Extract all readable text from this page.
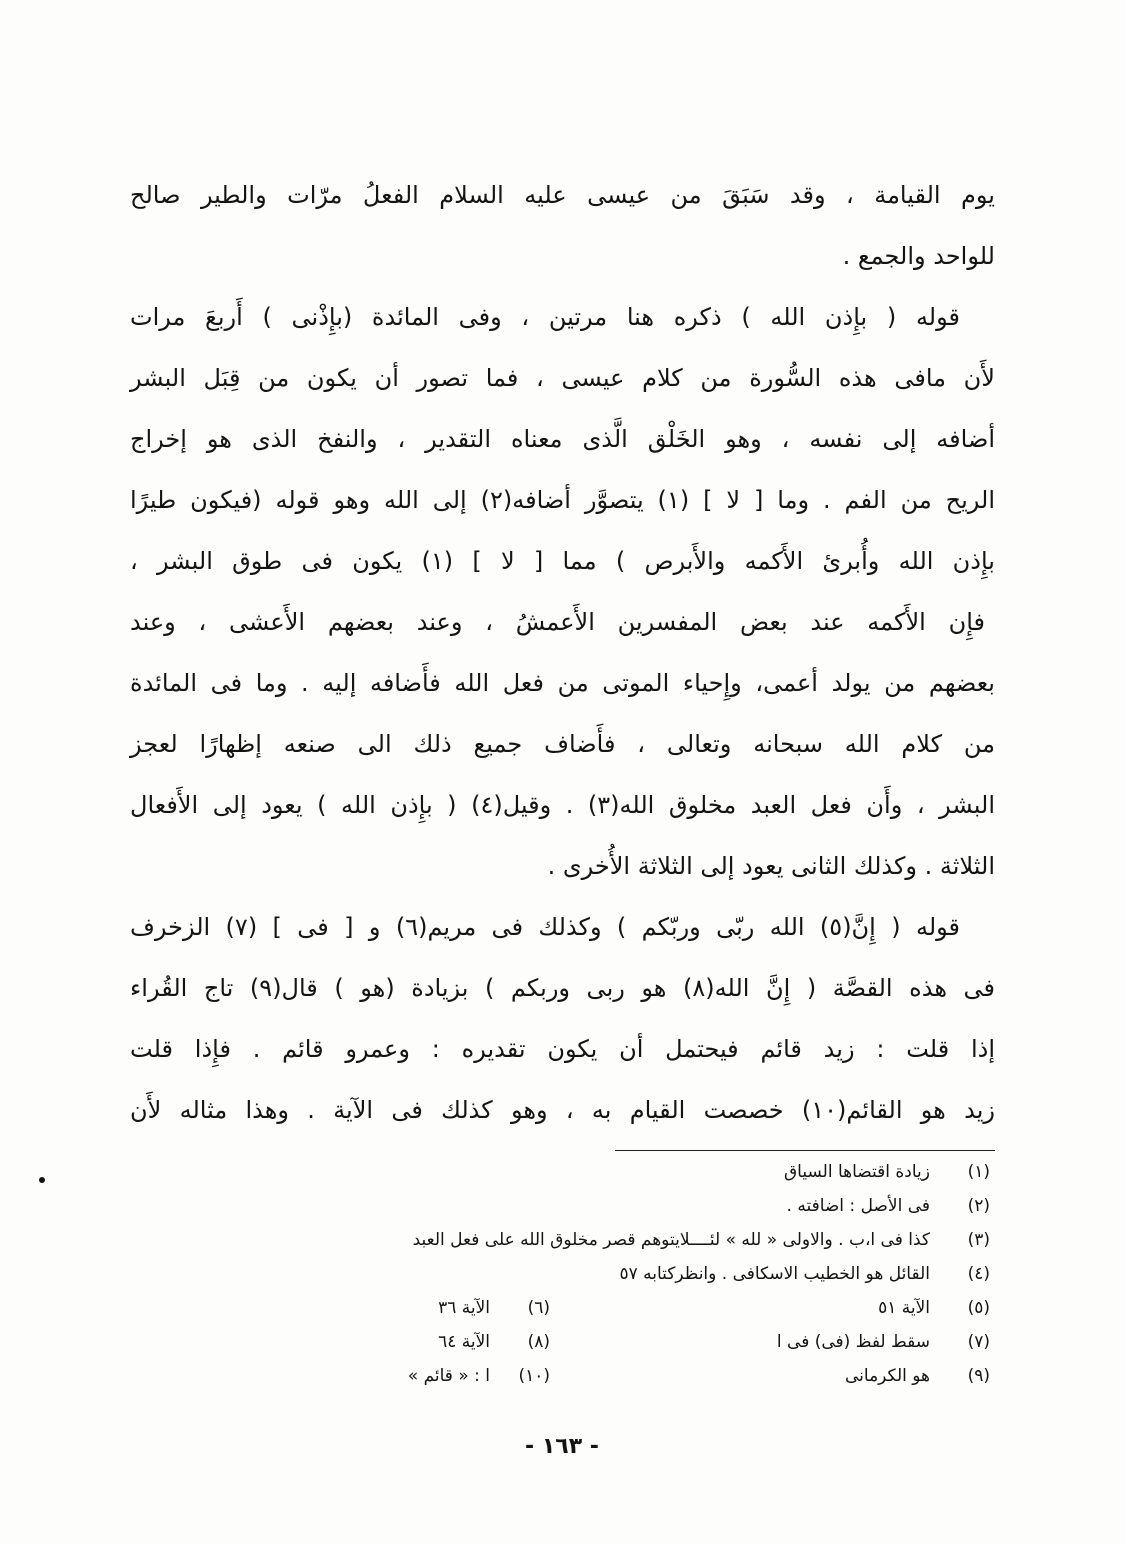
يوم القيامة ، وقد سَبَقَ من عيسى عليه السلام الفعلُ مرّات والطير صالح
للواحد والجمع .
قوله ( بإِذن الله ) ذكره هنا مرتين ، وفى المائدة (بإِذْنى ) أَربعَ مرات
لأَن مافى هذه السُّورة من كلام عيسى ، فما تصور أن يكون من قِبَل البشر
أضافه إلى نفسه ، وهو الخَلْق الَّذى معناه التقدير ، والنفخ الذى هو إخراج
الريح من الفم . وما [ لا ] (١) يتصوَّر أضافه(٢) إلى الله وهو قوله (فيكون طيرًا
بإِذن الله وأُبرئ الأَكمه والأَبرص ) مما [ لا ] (١) يكون فى طوق البشر ،
فإِن الأَكمه عند بعض المفسرين الأَعمشُ ، وعند بعضهم الأَعشى ، وعند
بعضهم من يولد أعمى، وإِحياء الموتى من فعل الله فأَضافه إليه . وما فى المائدة
من كلام الله سبحانه وتعالى ، فأَضاف جميع ذلك الى صنعه إظهارًا لعجز
البشر ، وأَن فعل العبد مخلوق الله(٣) . وقيل(٤) ( بإِذن الله ) يعود إلى الأَفعال
الثلاثة . وكذلك الثانى يعود إلى الثلاثة الأُخرى .
قوله ( إِنَّ(٥) الله ربّى وربّكم ) وكذلك فى مريم(٦) و [ فى ] (٧) الزخرف
فى هذه القصَّة ( إِنَّ الله(٨) هو ربى وربكم ) بزيادة (هو ) قال(٩) تاج القُراء
إذا قلت : زيد قائم فيحتمل أن يكون تقديره : وعمرو قائم . فإِذا قلت
زيد هو القائم(١٠) خصصت القيام به ، وهو كذلك فى الآية . وهذا مثاله لأَن
(١)
زيادة اقتضاها السياق
(٢)
فى الأصل : اضافته .
(٣)
كذا فى ا،ب . والاولى « لله » لئــــلايتوهم قصر مخلوق الله على فعل العبد
(٤)
القائل هو الخطيب الاسكافى . وانظركتابه ٥٧
(٥)
الآية ٥١
(٦)
الآية ٣٦
(٧)
سقط لفظ (فى) فى ا
(٨)
الآية ٦٤
(٩)
هو الكرمانى
(١٠)
ا : « قائم »
- ١٦٣ -
